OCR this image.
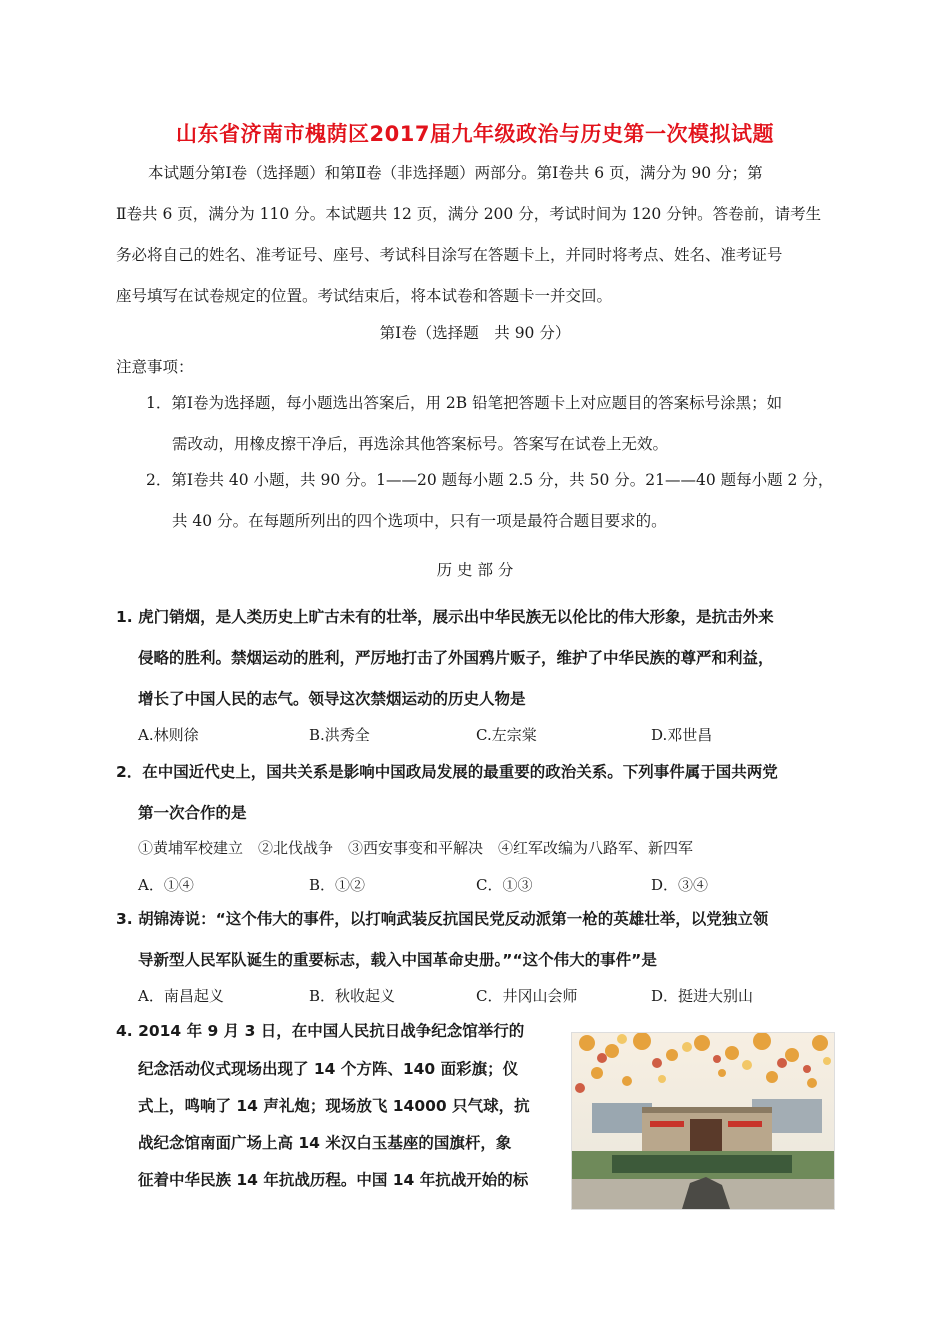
山东省济南市槐荫区2017届九年级政治与历史第一次模拟试题
本试题分第Ⅰ卷（选择题）和第Ⅱ卷（非选择题）两部分。第Ⅰ卷共 6 页，满分为 90 分；第
Ⅱ卷共 6 页，满分为 110 分。本试题共 12 页，满分 200 分，考试时间为 120 分钟。答卷前，请考生
务必将自己的姓名、准考证号、座号、考试科目涂写在答题卡上，并同时将考点、姓名、准考证号
座号填写在试卷规定的位置。考试结束后，将本试卷和答题卡一并交回。
第Ⅰ卷（选择题　共 90 分）
注意事项：
1．第Ⅰ卷为选择题，每小题选出答案后，用 2B 铅笔把答题卡上对应题目的答案标号涂黑；如
需改动，用橡皮擦干净后，再选涂其他答案标号。答案写在试卷上无效。
2．第Ⅰ卷共 40 小题，共 90 分。1——20 题每小题 2.5 分，共 50 分。21——40 题每小题 2 分，
共 40 分。在每题所列出的四个选项中，只有一项是最符合题目要求的。
历 史 部 分
1. 虎门销烟，是人类历史上旷古未有的壮举，展示出中华民族无以伦比的伟大形象，是抗击外来
侵略的胜利。禁烟运动的胜利，严厉地打击了外国鸦片贩子，维护了中华民族的尊严和利益，
增长了中国人民的志气。领导这次禁烟运动的历史人物是
A.林则徐	B.洪秀全	C.左宗棠	D.邓世昌
2．在中国近代史上，国共关系是影响中国政局发展的最重要的政治关系。下列事件属于国共两党
第一次合作的是
①黄埔军校建立　②北伐战争　③西安事变和平解决　④红军改编为八路军、新四军
A．①④	B．①②	C．①③	D．③④
3. 胡锦涛说：“这个伟大的事件，以打响武装反抗国民党反动派第一枪的英雄壮举，以党独立领
导新型人民军队诞生的重要标志，载入中国革命史册。”“这个伟大的事件”是
A．南昌起义	B．秋收起义	C．井冈山会师	D．挺进大别山
4. 2014 年 9 月 3 日，在中国人民抗日战争纪念馆举行的
纪念活动仪式现场出现了 14 个方阵、140 面彩旗；仪
式上，鸣响了 14 声礼炮；现场放飞 14000 只气球，抗
战纪念馆南面广场上高 14 米汉白玉基座的国旗杆，象
征着中华民族 14 年抗战历程。中国 14 年抗战开始的标
